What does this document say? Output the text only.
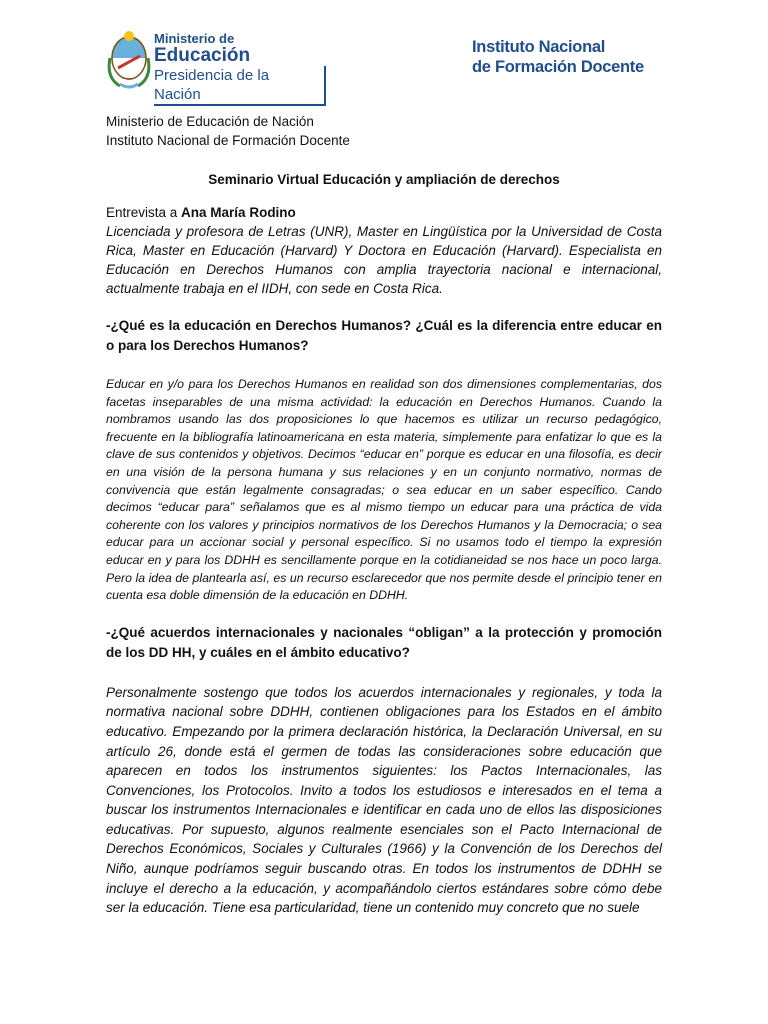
Ministerio de
Educación
Presidencia de la Nación
Instituto Nacional
de Formación Docente

Ministerio de Educación de Nación

Instituto Nacional de Formación Docente

Seminario Virtual Educación y ampliación de derechos

Entrevista a Ana María Rodino

Licenciada y profesora de Letras (UNR), Master en Lingüística por la Universidad de Costa Rica, Master en Educación (Harvard) Y Doctora en Educación (Harvard). Especialista en Educación en Derechos Humanos con amplia trayectoria nacional e internacional, actualmente trabaja en el IIDH, con sede en Costa Rica.

-¿Qué es la educación en Derechos Humanos? ¿Cuál es la diferencia entre educar en o para los Derechos Humanos?

Educar en y/o para los Derechos Humanos en realidad son dos dimensiones complementarias, dos facetas inseparables de una misma actividad: la educación en Derechos Humanos. Cuando la nombramos usando las dos proposiciones lo que hacemos es utilizar un recurso pedagógico, frecuente en la bibliografía latinoamericana en esta materia, simplemente para enfatizar lo que es la clave de sus contenidos y objetivos. Decimos “educar en” porque es educar en una filosofía, es decir en una visión de la persona humana y sus relaciones y en un conjunto normativo, normas de convivencia que están legalmente consagradas; o sea educar en un saber específico. Cando decimos “educar para” señalamos que es al mismo tiempo un educar para una práctica de vida coherente con los valores y principios normativos de los Derechos Humanos y la Democracia; o sea educar para un accionar social y personal específico. Si no usamos todo el tiempo la expresión educar en y para los DDHH es sencillamente porque en la cotidianeidad se nos hace un poco larga. Pero la idea de plantearla así, es un recurso esclarecedor que nos permite desde el principio tener en cuenta esa doble dimensión de la educación en DDHH.

-¿Qué acuerdos internacionales y nacionales “obligan” a la protección y promoción de los DD HH, y cuáles en el ámbito educativo?

Personalmente sostengo que todos los acuerdos internacionales y regionales, y toda la normativa nacional sobre DDHH, contienen obligaciones para los Estados en el ámbito educativo. Empezando por la primera declaración histórica, la Declaración Universal, en su artículo 26, donde está el germen de todas las consideraciones sobre educación que aparecen en todos los instrumentos siguientes: los Pactos Internacionales, las Convenciones, los Protocolos. Invito a todos los estudiosos e interesados en el tema a buscar los instrumentos Internacionales e identificar en cada uno de ellos las disposiciones educativas. Por supuesto, algunos realmente esenciales son el Pacto Internacional de Derechos Económicos, Sociales y Culturales (1966) y la Convención de los Derechos del Niño, aunque podríamos seguir buscando otras. En todos los instrumentos de DDHH se incluye el derecho a la educación, y acompañándolo ciertos estándares sobre cómo debe ser la educación. Tiene esa particularidad, tiene un contenido muy concreto que no suele
